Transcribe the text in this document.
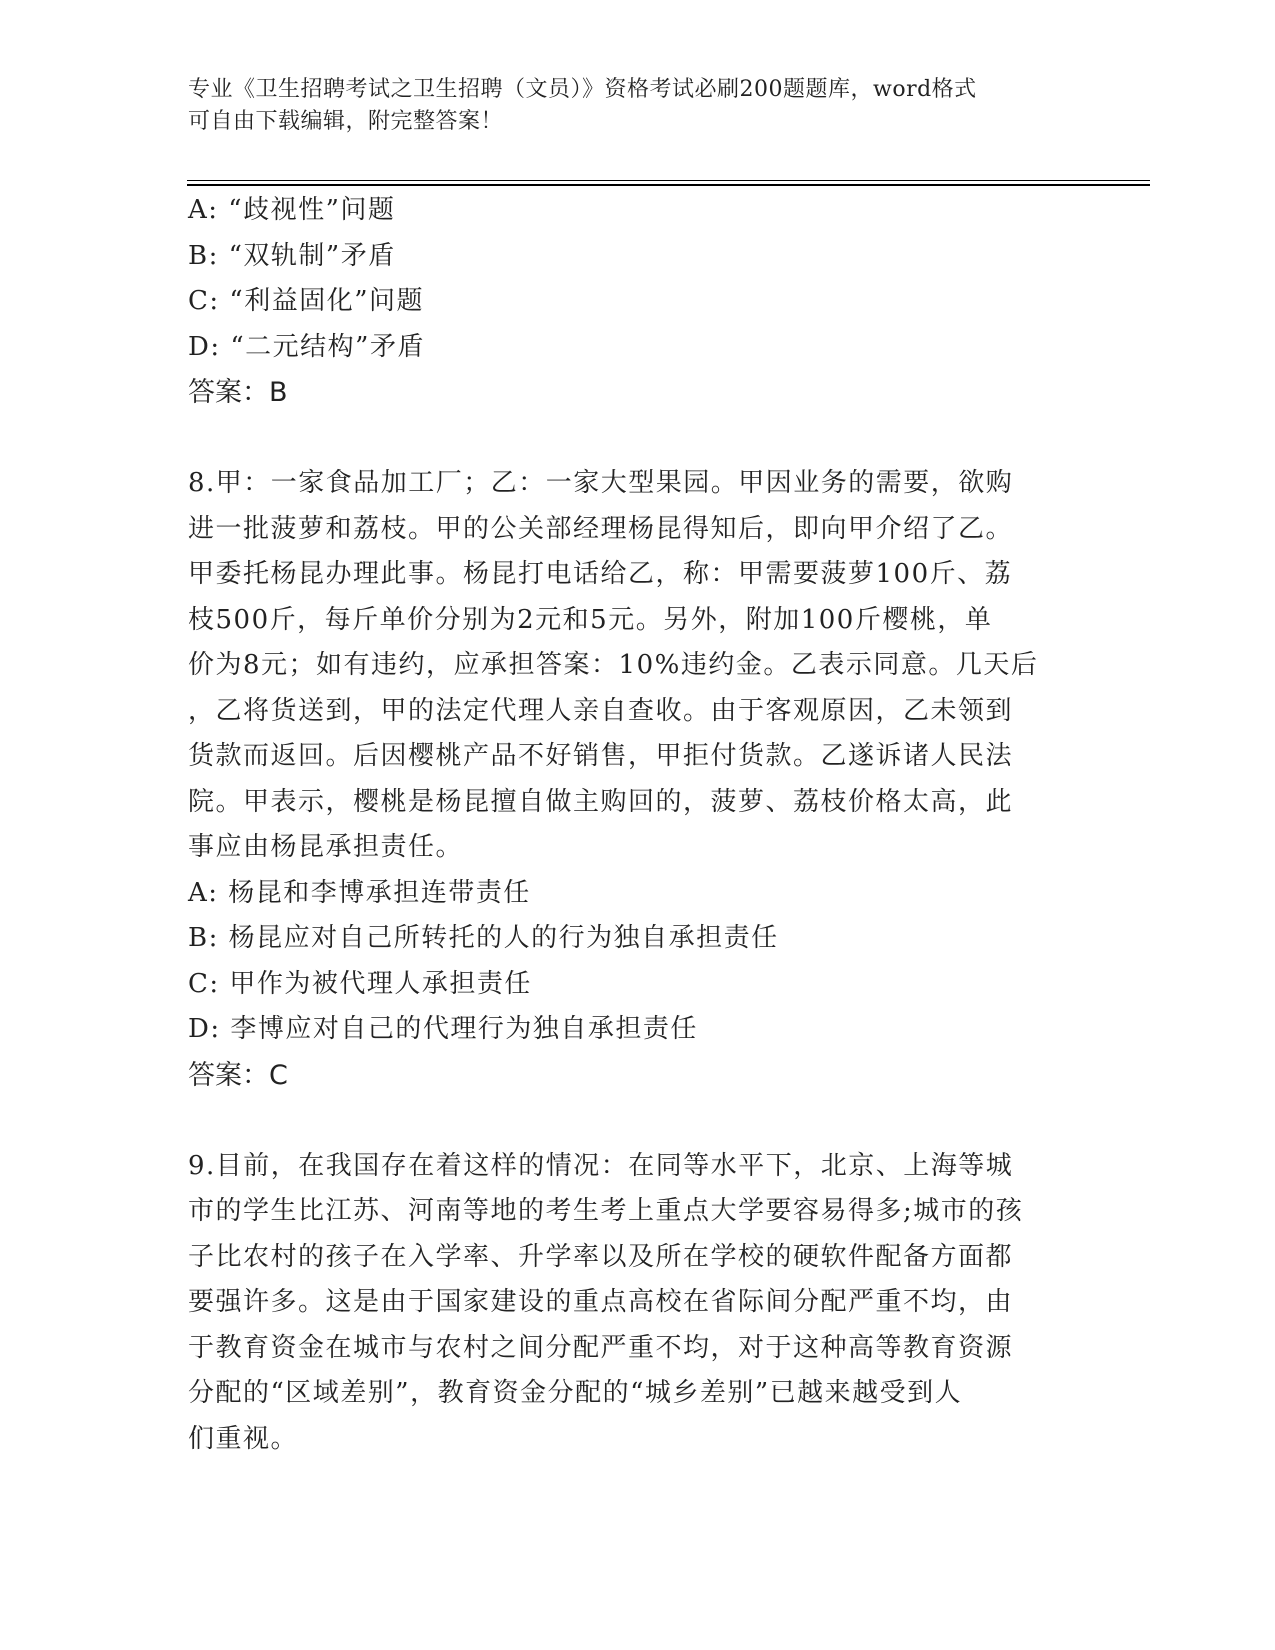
专业《卫生招聘考试之卫生招聘（文员）》资格考试必刷200题题库，word格式
可自由下载编辑，附完整答案！
A: “歧视性”问题
B: “双轨制”矛盾
C: “利益固化”问题
D: “二元结构”矛盾
答案：B
8.甲：一家食品加工厂；乙：一家大型果园。甲因业务的需要，欲购
进一批菠萝和荔枝。甲的公关部经理杨昆得知后，即向甲介绍了乙。
甲委托杨昆办理此事。杨昆打电话给乙，称：甲需要菠萝100斤、荔
枝500斤，每斤单价分别为2元和5元。另外，附加100斤樱桃，单
价为8元；如有违约，应承担答案：10%违约金。乙表示同意。几天后
，乙将货送到，甲的法定代理人亲自查收。由于客观原因，乙未领到
货款而返回。后因樱桃产品不好销售，甲拒付货款。乙遂诉诸人民法
院。甲表示，樱桃是杨昆擅自做主购回的，菠萝、荔枝价格太高，此
事应由杨昆承担责任。
A: 杨昆和李博承担连带责任
B: 杨昆应对自己所转托的人的行为独自承担责任
C: 甲作为被代理人承担责任
D: 李博应对自己的代理行为独自承担责任
答案：C
9.目前，在我国存在着这样的情况：在同等水平下，北京、上海等城
市的学生比江苏、河南等地的考生考上重点大学要容易得多;城市的孩
子比农村的孩子在入学率、升学率以及所在学校的硬软件配备方面都
要强许多。这是由于国家建设的重点高校在省际间分配严重不均，由
于教育资金在城市与农村之间分配严重不均，对于这种高等教育资源
分配的“区域差别”，教育资金分配的“城乡差别”已越来越受到人
们重视。
